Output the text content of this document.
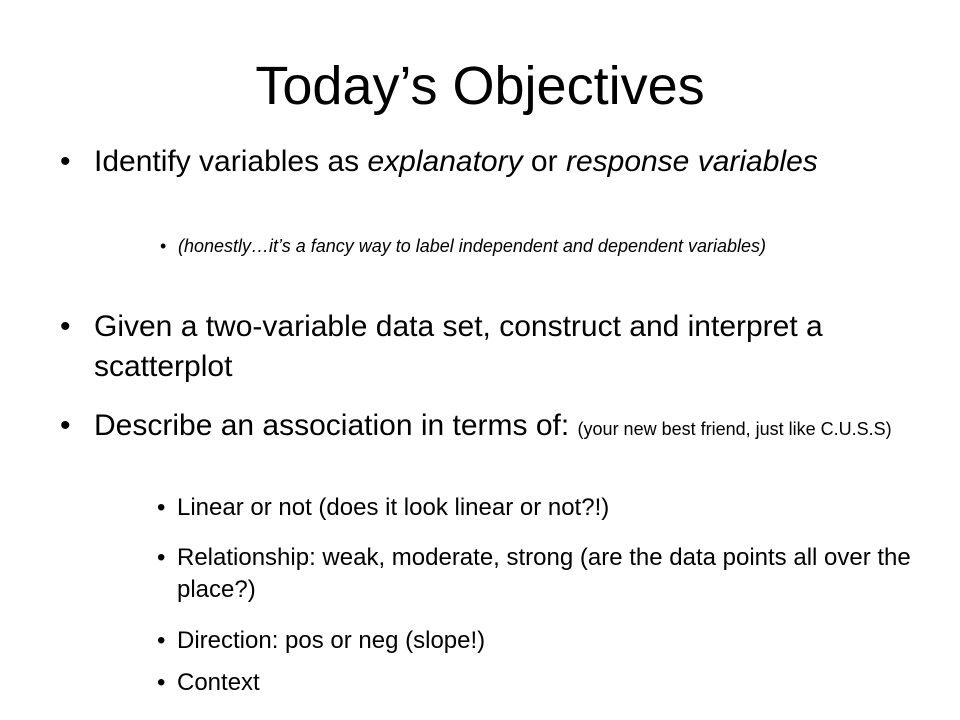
Today’s Objectives
• Identify variables as explanatory or response variables
• (honestly…it’s a fancy way to label independent and dependent variables)
• Given a two-variable data set, construct and interpret a scatterplot
• Describe an association in terms of: (your new best friend, just like C.U.S.S)
• Linear or not (does it look linear or not?!)
• Relationship: weak, moderate, strong (are the data points all over the place?)
• Direction: pos or neg (slope!)
• Context
